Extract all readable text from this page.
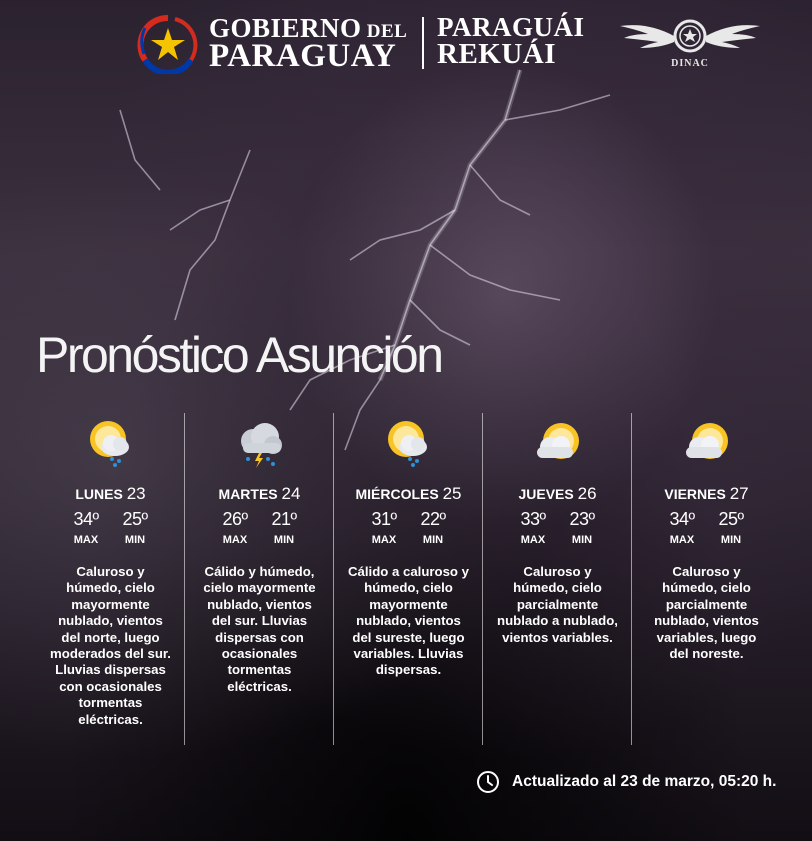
GOBIERNO DEL
PARAGUAY
PARAGUÁI
REKUÁI	DINAC
Pronóstico Asunción
LUNES 23
34º
MAX
25º
MIN
Caluroso y húmedo, cielo mayormente nublado, vientos del norte, luego moderados del sur. Lluvias dispersas con ocasionales tormentas eléctricas.
MARTES 24
26º
MAX
21º
MIN
Cálido y húmedo, cielo mayormente nublado, vientos del sur. Lluvias dispersas con ocasionales tormentas eléctricas.
MIÉRCOLES 25
31º
MAX
22º
MIN
Cálido a caluroso y húmedo, cielo mayormente nublado, vientos del sureste, luego variables. Lluvias dispersas.
JUEVES 26
33º
MAX
23º
MIN
Caluroso y húmedo, cielo parcialmente nublado a nublado, vientos variables.
VIERNES 27
34º
MAX
25º
MIN
Caluroso y húmedo, cielo parcialmente nublado, vientos variables, luego del noreste.
Actualizado al 23 de marzo, 05:20 h.
